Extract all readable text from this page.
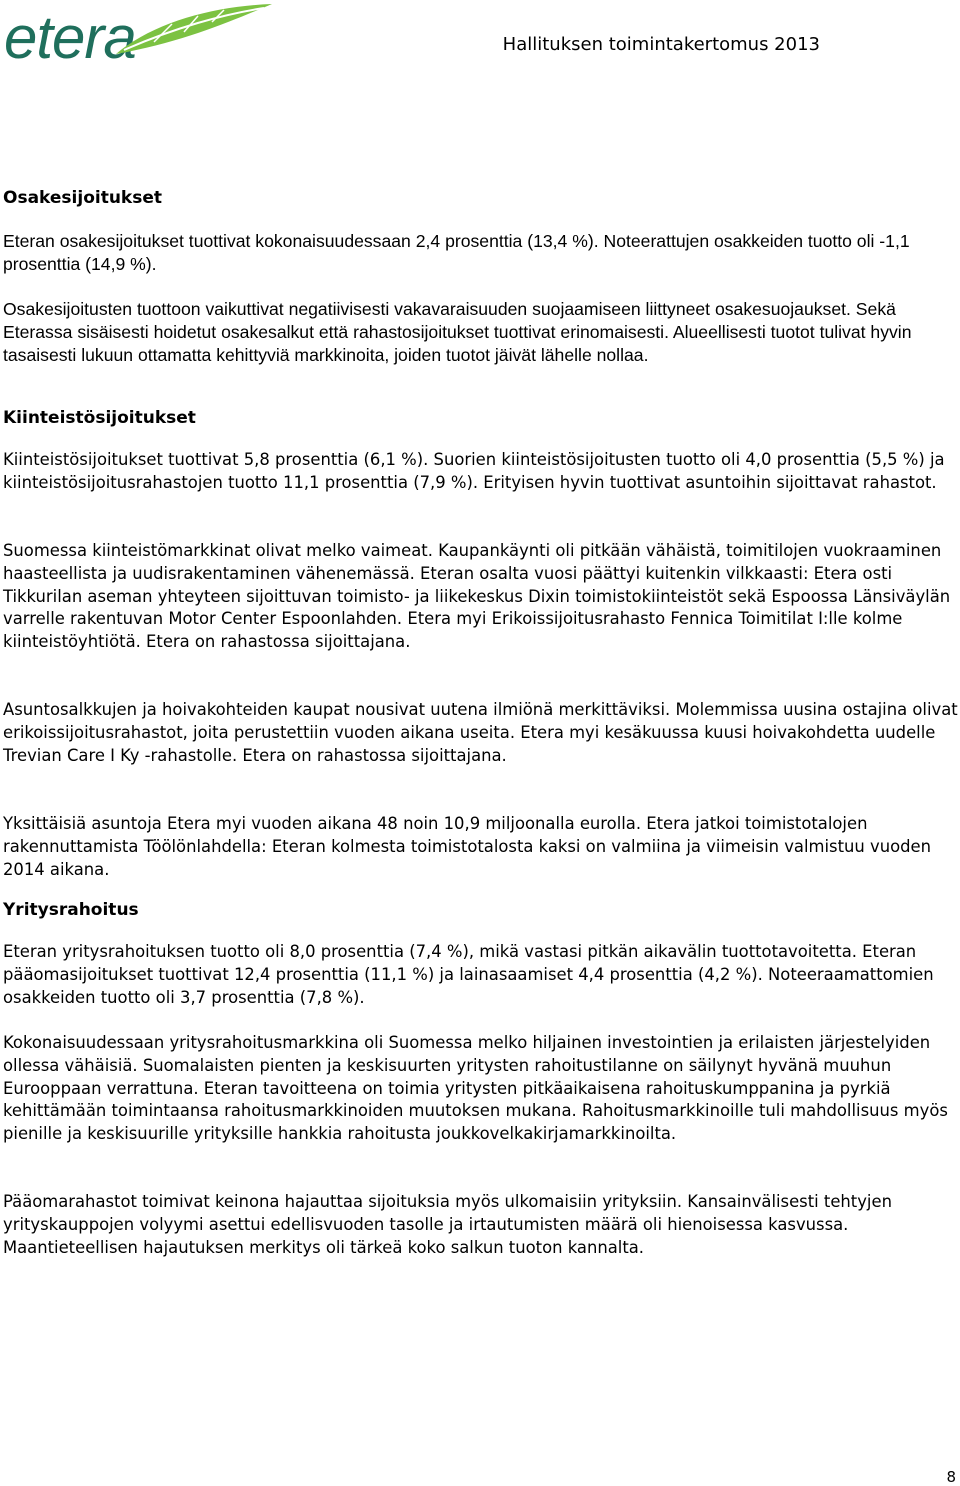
etera	Hallituksen toimintakertomus 2013
Osakesijoitukset
Eteran osakesijoitukset tuottivat kokonaisuudessaan 2,4 prosenttia (13,4 %). Noteerattujen osakkeiden tuotto oli -1,1 prosenttia (14,9 %).
Osakesijoitusten tuottoon vaikuttivat negatiivisesti vakavaraisuuden suojaamiseen liittyneet osakesuojaukset. Sekä Eterassa sisäisesti hoidetut osakesalkut että rahastosijoitukset tuottivat erinomaisesti. Alueellisesti tuotot tulivat hyvin tasaisesti lukuun ottamatta kehittyviä markkinoita, joiden tuotot jäivät lähelle nollaa.
Kiinteistösijoitukset
Kiinteistösijoitukset tuottivat 5,8 prosenttia (6,1 %). Suorien kiinteistösijoitusten tuotto oli 4,0 prosenttia (5,5 %) ja kiinteistösijoitusrahastojen tuotto 11,1 prosenttia (7,9 %). Erityisen hyvin tuottivat asuntoihin sijoittavat rahastot.
Suomessa kiinteistömarkkinat olivat melko vaimeat. Kaupankäynti oli pitkään vähäistä, toimitilojen vuokraaminen haasteellista ja uudisrakentaminen vähenemässä. Eteran osalta vuosi päättyi kuitenkin vilkkaasti: Etera osti Tikkurilan aseman yhteyteen sijoittuvan toimisto- ja liikekeskus Dixin toimistokiinteistöt sekä Espoossa Länsiväylän varrelle rakentuvan Motor Center Espoonlahden. Etera myi Erikoissijoitusrahasto Fennica Toimitilat I:lle kolme kiinteistöyhtiötä. Etera on rahastossa sijoittajana.
Asuntosalkkujen ja hoivakohteiden kaupat nousivat uutena ilmiönä merkittäviksi. Molemmissa uusina ostajina olivat erikoissijoitusrahastot, joita perustettiin vuoden aikana useita. Etera myi kesäkuussa kuusi hoivakohdetta uudelle Trevian Care I Ky -rahastolle. Etera on rahastossa sijoittajana.
Yksittäisiä asuntoja Etera myi vuoden aikana 48 noin 10,9 miljoonalla eurolla. Etera jatkoi toimistotalojen rakennuttamista Töölönlahdella: Eteran kolmesta toimistotalosta kaksi on valmiina ja viimeisin valmistuu vuoden 2014 aikana.
Yritysrahoitus
Eteran yritysrahoituksen tuotto oli 8,0 prosenttia (7,4 %), mikä vastasi pitkän aikavälin tuottotavoitetta. Eteran pääomasijoitukset tuottivat 12,4 prosenttia (11,1 %) ja lainasaamiset 4,4 prosenttia (4,2 %). Noteeraamattomien osakkeiden tuotto oli 3,7 prosenttia (7,8 %).
Kokonaisuudessaan yritysrahoitusmarkkina oli Suomessa melko hiljainen investointien ja erilaisten järjestelyiden ollessa vähäisiä. Suomalaisten pienten ja keskisuurten yritysten rahoitustilanne on säilynyt hyvänä muuhun Eurooppaan verrattuna. Eteran tavoitteena on toimia yritysten pitkäaikaisena rahoituskumppanina ja pyrkiä kehittämään toimintaansa rahoitusmarkkinoiden muutoksen mukana. Rahoitusmarkkinoille tuli mahdollisuus myös pienille ja keskisuurille yrityksille hankkia rahoitusta joukkovelkakirjamarkkinoilta.
Pääomarahastot toimivat keinona hajauttaa sijoituksia myös ulkomaisiin yrityksiin. Kansainvälisesti tehtyjen yrityskauppojen volyymi asettui edellisvuoden tasolle ja irtautumisten määrä oli hienoisessa kasvussa. Maantieteellisen hajautuksen merkitys oli tärkeä koko salkun tuoton kannalta.
8
